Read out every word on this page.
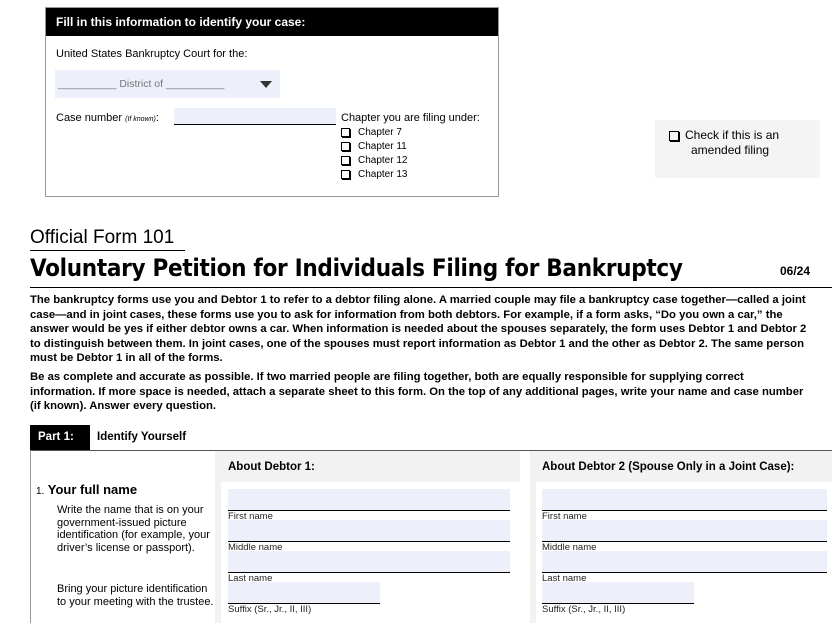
Fill in this information to identify your case:
United States Bankruptcy Court for the:
__________ District of __________
Case number (If known):	Chapter you are filing under:
Chapter 7
Chapter 11
Chapter 12
Chapter 13
Check if this is an
amended filing
Official Form 101
Voluntary Petition for Individuals Filing for Bankruptcy	06/24
The bankruptcy forms use you and Debtor 1 to refer to a debtor filing alone. A married couple may file a bankruptcy case together—called a joint case—and in joint cases, these forms use you to ask for information from both debtors. For example, if a form asks, “Do you own a car,” the answer would be yes if either debtor owns a car. When information is needed about the spouses separately, the form uses Debtor 1 and Debtor 2 to distinguish between them. In joint cases, one of the spouses must report information as Debtor 1 and the other as Debtor 2. The same person must be Debtor 1 in all of the forms.
Be as complete and accurate as possible. If two married people are filing together, both are equally responsible for supplying correct information. If more space is needed, attach a separate sheet to this form. On the top of any additional pages, write your name and case number (if known). Answer every question.
Part 1:	Identify Yourself
About Debtor 1:	About Debtor 2 (Spouse Only in a Joint Case):
1. Your full name
Write the name that is on your government-issued picture identification (for example, your driver’s license or passport).
Bring your picture identification to your meeting with the trustee.
First name
Middle name
Last name
Suffix (Sr., Jr., II, III)
First name
Middle name
Last name
Suffix (Sr., Jr., II, III)
